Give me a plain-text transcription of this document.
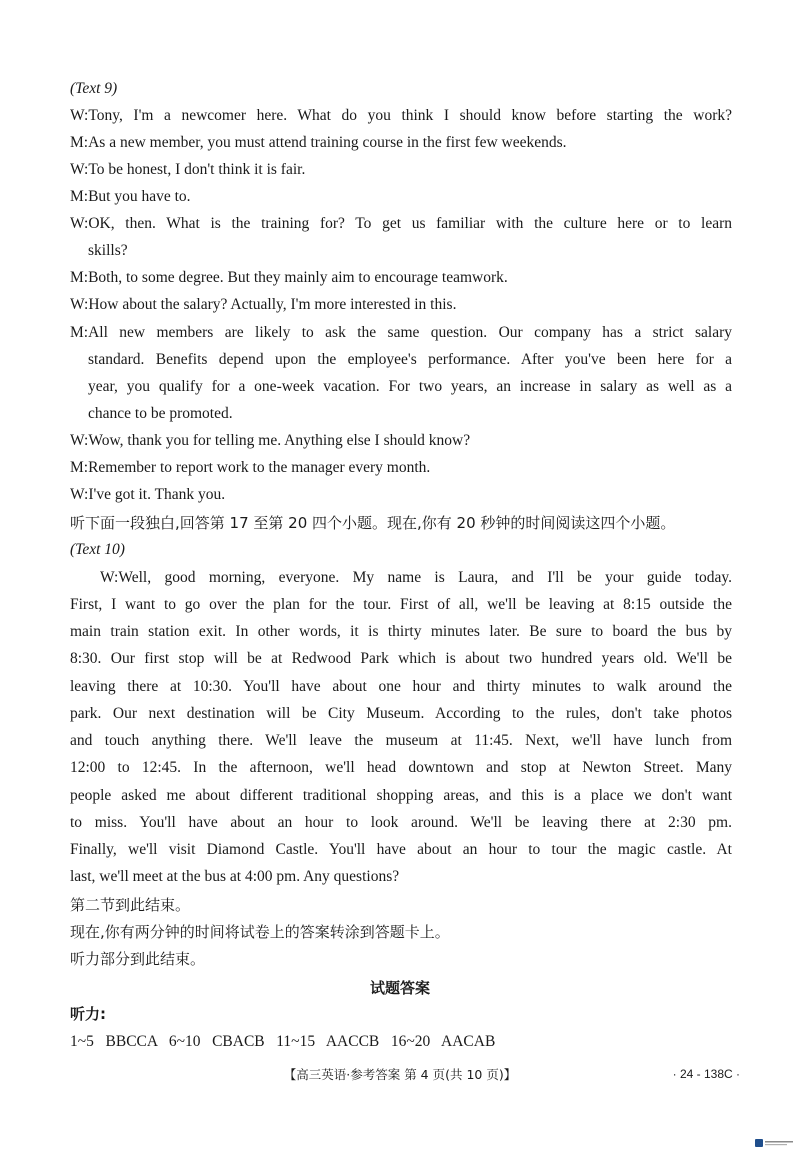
(Text 9)
W:Tony, I'm a newcomer here. What do you think I should know before starting the work?
M:As a new member, you must attend training course in the first few weekends.
W:To be honest, I don't think it is fair.
M:But you have to.
W:OK, then. What is the training for? To get us familiar with the culture here or to learn
skills?
M:Both, to some degree. But they mainly aim to encourage teamwork.
W:How about the salary? Actually, I'm more interested in this.
M:All new members are likely to ask the same question. Our company has a strict salary
standard. Benefits depend upon the employee's performance. After you've been here for a
year, you qualify for a one-week vacation. For two years, an increase in salary as well as a
chance to be promoted.
W:Wow, thank you for telling me. Anything else I should know?
M:Remember to report work to the manager every month.
W:I've got it. Thank you.
听下面一段独白,回答第 17 至第 20 四个小题。现在,你有 20 秒钟的时间阅读这四个小题。
(Text 10)
W:Well, good morning, everyone. My name is Laura, and I'll be your guide today.
First, I want to go over the plan for the tour. First of all, we'll be leaving at 8:15 outside the
main train station exit. In other words, it is thirty minutes later. Be sure to board the bus by
8:30. Our first stop will be at Redwood Park which is about two hundred years old. We'll be
leaving there at 10:30. You'll have about one hour and thirty minutes to walk around the
park. Our next destination will be City Museum. According to the rules, don't take photos
and touch anything there. We'll leave the museum at 11:45. Next, we'll have lunch from
12:00 to 12:45. In the afternoon, we'll head downtown and stop at Newton Street. Many
people asked me about different traditional shopping areas, and this is a place we don't want
to miss. You'll have about an hour to look around. We'll be leaving there at 2:30 pm.
Finally, we'll visit Diamond Castle. You'll have about an hour to tour the magic castle. At
last, we'll meet at the bus at 4:00 pm. Any questions?
第二节到此结束。
现在,你有两分钟的时间将试卷上的答案转涂到答题卡上。
听力部分到此结束。
试题答案
听力:
1~5   BBCCA   6~10   CBACB   11~15   AACCB   16~20   AACAB
【高三英语·参考答案 第 4 页(共 10 页)】	· 24 - 138C ·
